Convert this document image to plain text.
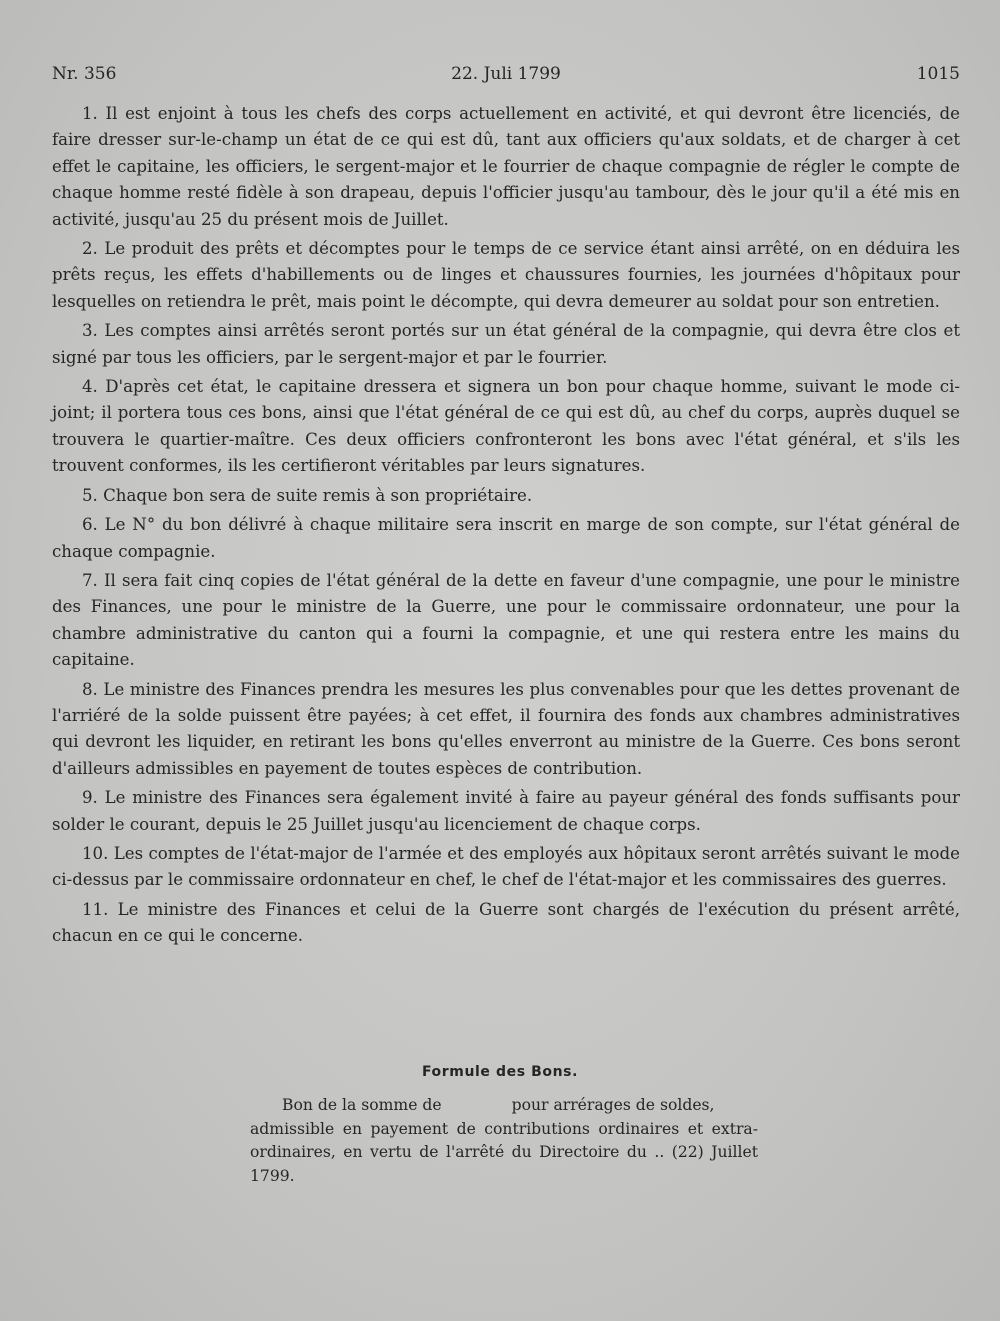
Nr. 356	22. Juli 1799	1015

1. Il est enjoint à tous les chefs des corps actuellement en activité, et qui devront être licenciés, de faire dresser sur-le-champ un état de ce qui est dû, tant aux officiers qu'aux soldats, et de charger à cet effet le capitaine, les officiers, le sergent-major et le fourrier de chaque compagnie de régler le compte de chaque homme resté fidèle à son drapeau, depuis l'officier jusqu'au tambour, dès le jour qu'il a été mis en activité, jusqu'au 25 du présent mois de Juillet.

2. Le produit des prêts et décomptes pour le temps de ce service étant ainsi arrêté, on en déduira les prêts reçus, les effets d'habillements ou de linges et chaussures fournies, les journées d'hôpitaux pour lesquelles on retiendra le prêt, mais point le décompte, qui devra demeurer au soldat pour son entretien.

3. Les comptes ainsi arrêtés seront portés sur un état général de la compagnie, qui devra être clos et signé par tous les officiers, par le sergent-major et par le fourrier.

4. D'après cet état, le capitaine dressera et signera un bon pour chaque homme, suivant le mode ci-joint; il portera tous ces bons, ainsi que l'état général de ce qui est dû, au chef du corps, auprès duquel se trouvera le quartier-maître. Ces deux officiers confronteront les bons avec l'état général, et s'ils les trouvent conformes, ils les certifieront véritables par leurs signatures.

5. Chaque bon sera de suite remis à son propriétaire.

6. Le N° du bon délivré à chaque militaire sera inscrit en marge de son compte, sur l'état général de chaque compagnie.

7. Il sera fait cinq copies de l'état général de la dette en faveur d'une compagnie, une pour le ministre des Finances, une pour le ministre de la Guerre, une pour le commissaire ordonnateur, une pour la chambre administrative du canton qui a fourni la compagnie, et une qui restera entre les mains du capitaine.

8. Le ministre des Finances prendra les mesures les plus convenables pour que les dettes provenant de l'arriéré de la solde puissent être payées; à cet effet, il fournira des fonds aux chambres administratives qui devront les liquider, en retirant les bons qu'elles enverront au ministre de la Guerre. Ces bons seront d'ailleurs admissibles en payement de toutes espèces de contribution.

9. Le ministre des Finances sera également invité à faire au payeur général des fonds suffisants pour solder le courant, depuis le 25 Juillet jusqu'au licenciement de chaque corps.

10. Les comptes de l'état-major de l'armée et des employés aux hôpitaux seront arrêtés suivant le mode ci-dessus par le commissaire ordonnateur en chef, le chef de l'état-major et les commissaires des guerres.

11. Le ministre des Finances et celui de la Guerre sont chargés de l'exécution du présent arrêté, chacun en ce qui le concerne.

Formule des Bons.
Bon de la somme de	pour arrérages de soldes,
admissible en payement de contributions ordinaires et extraordinaires, en vertu de l'arrêté du Directoire du .. (22) Juillet 1799.
